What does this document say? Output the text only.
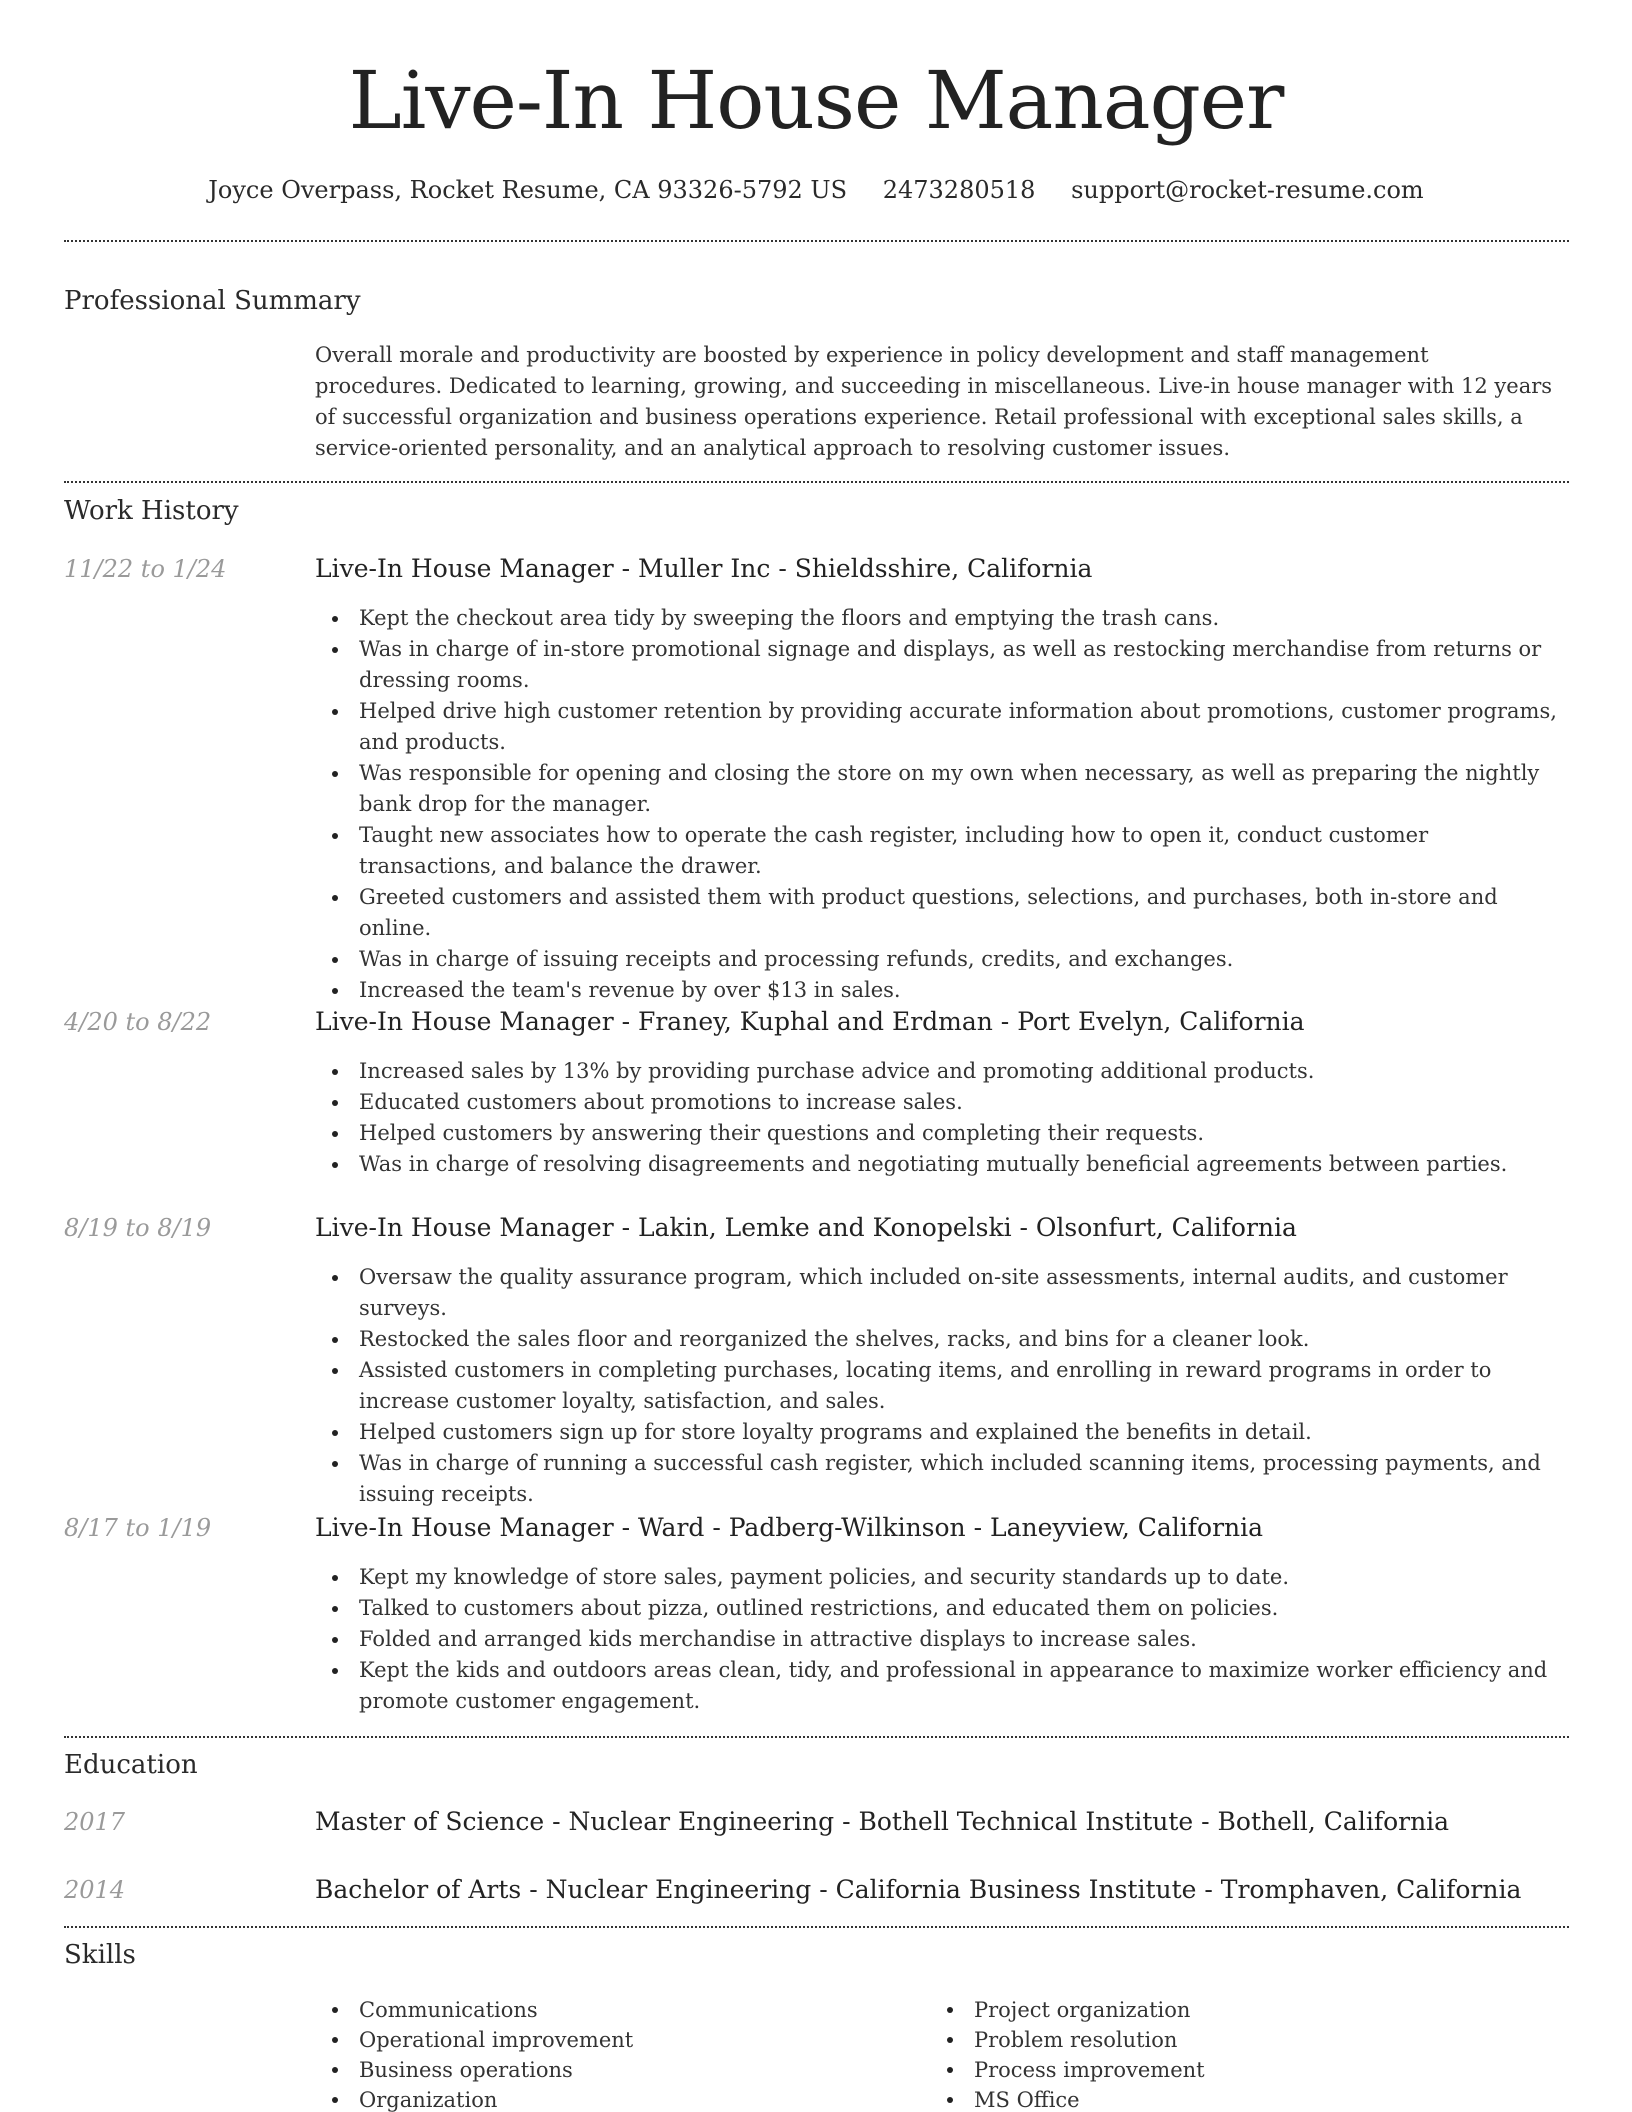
Live-In House Manager
Joyce Overpass, Rocket Resume, CA 93326-5792 US 2473280518 support@rocket-resume.com
Professional Summary

Overall morale and productivity are boosted by experience in policy development and staff management procedures. Dedicated to learning, growing, and succeeding in miscellaneous. Live-in house manager with 12 years of successful organization and business operations experience. Retail professional with exceptional sales skills, a service-oriented personality, and an analytical approach to resolving customer issues.

Work History
11/22 to 1/24	Live-In House Manager - Muller Inc - Shieldsshire, California
Kept the checkout area tidy by sweeping the floors and emptying the trash cans.
Was in charge of in-store promotional signage and displays, as well as restocking merchandise from returns or dressing rooms.
Helped drive high customer retention by providing accurate information about promotions, customer programs, and products.
Was responsible for opening and closing the store on my own when necessary, as well as preparing the nightly bank drop for the manager.
Taught new associates how to operate the cash register, including how to open it, conduct customer transactions, and balance the drawer.
Greeted customers and assisted them with product questions, selections, and purchases, both in-store and online.
Was in charge of issuing receipts and processing refunds, credits, and exchanges.
Increased the team's revenue by over $13 in sales.
4/20 to 8/22	Live-In House Manager - Franey, Kuphal and Erdman - Port Evelyn, California
Increased sales by 13% by providing purchase advice and promoting additional products.
Educated customers about promotions to increase sales.
Helped customers by answering their questions and completing their requests.
Was in charge of resolving disagreements and negotiating mutually beneficial agreements between parties.
8/19 to 8/19	Live-In House Manager - Lakin, Lemke and Konopelski - Olsonfurt, California
Oversaw the quality assurance program, which included on-site assessments, internal audits, and customer surveys.
Restocked the sales floor and reorganized the shelves, racks, and bins for a cleaner look.
Assisted customers in completing purchases, locating items, and enrolling in reward programs in order to increase customer loyalty, satisfaction, and sales.
Helped customers sign up for store loyalty programs and explained the benefits in detail.
Was in charge of running a successful cash register, which included scanning items, processing payments, and issuing receipts.
8/17 to 1/19	Live-In House Manager - Ward - Padberg-Wilkinson - Laneyview, California
Kept my knowledge of store sales, payment policies, and security standards up to date.
Talked to customers about pizza, outlined restrictions, and educated them on policies.
Folded and arranged kids merchandise in attractive displays to increase sales.
Kept the kids and outdoors areas clean, tidy, and professional in appearance to maximize worker efficiency and promote customer engagement.
Education
2017	Master of Science - Nuclear Engineering - Bothell Technical Institute - Bothell, California
2014	Bachelor of Arts - Nuclear Engineering - California Business Institute - Tromphaven, California
Skills
Communications
Operational improvement
Business operations
Organization
Project organization
Problem resolution
Process improvement
MS Office
